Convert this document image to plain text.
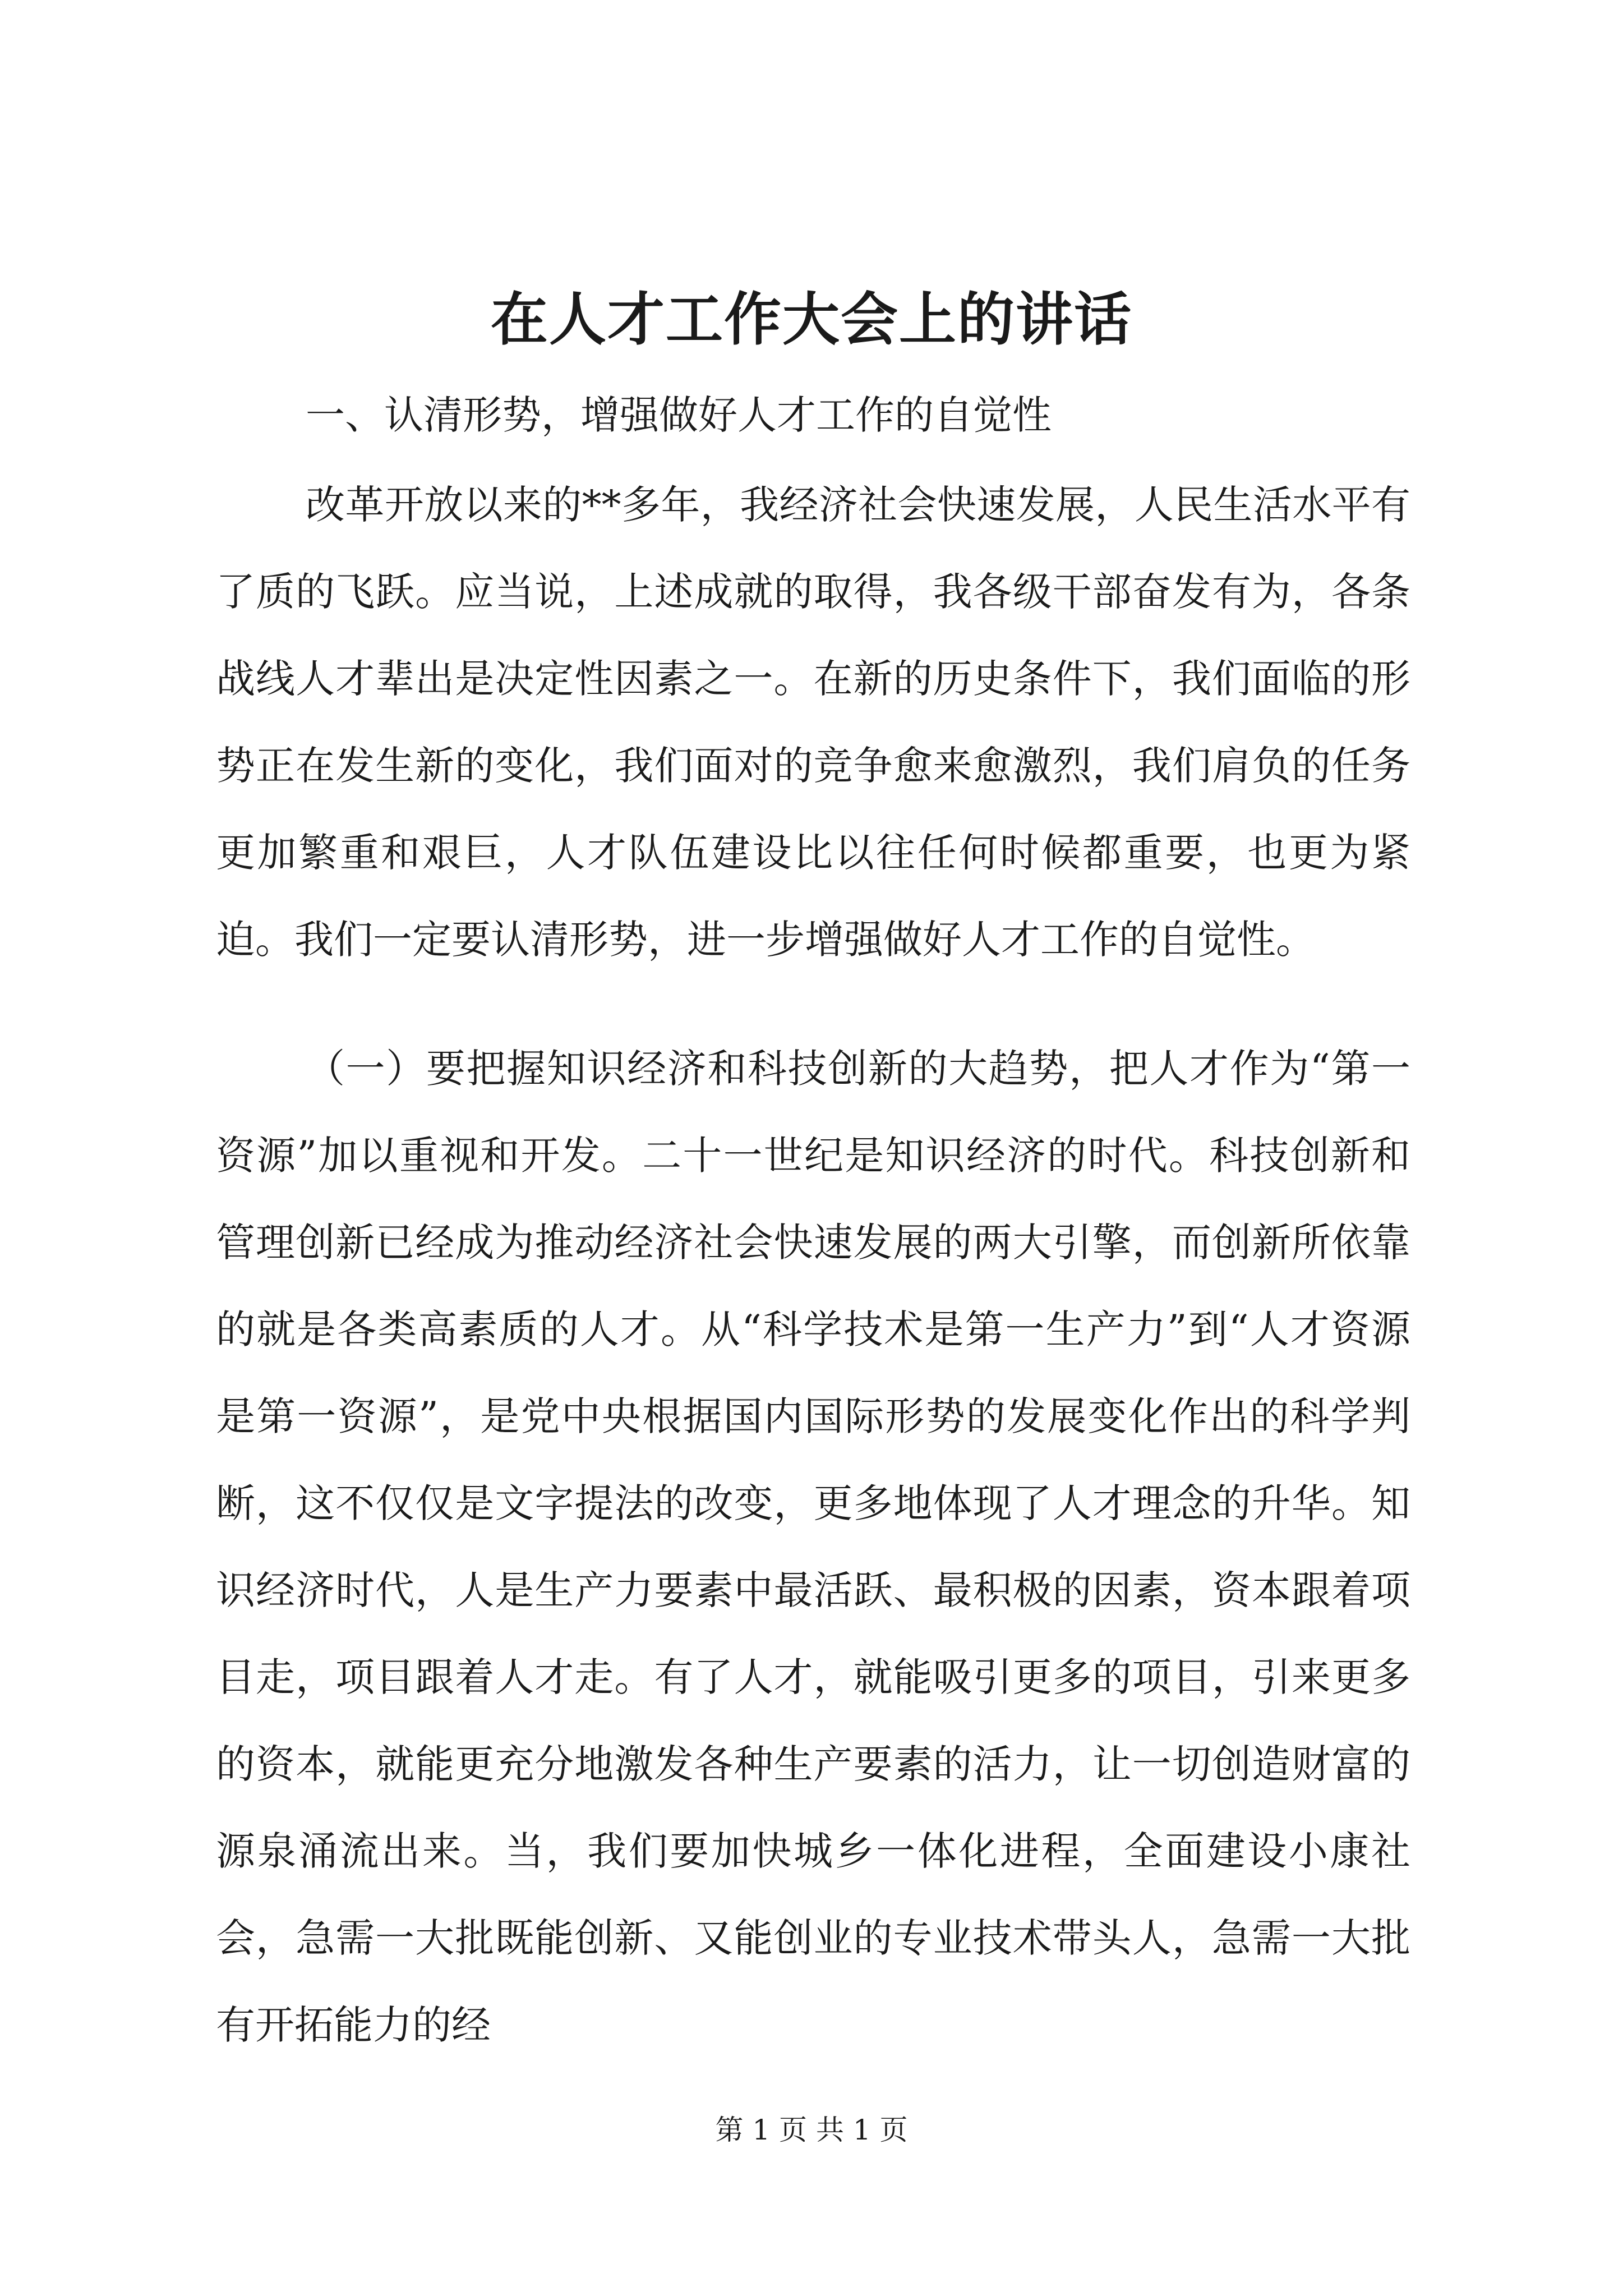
在人才工作大会上的讲话

一、认清形势，增强做好人才工作的自觉性

改革开放以来的**多年，我经济社会快速发展，人民生活水平有了质的飞跃。应当说，上述成就的取得，我各级干部奋发有为，各条战线人才辈出是决定性因素之一。在新的历史条件下，我们面临的形势正在发生新的变化，我们面对的竞争愈来愈激烈，我们肩负的任务更加繁重和艰巨，人才队伍建设比以往任何时候都重要，也更为紧迫。我们一定要认清形势，进一步增强做好人才工作的自觉性。

（一）要把握知识经济和科技创新的大趋势，把人才作为“第一资源”加以重视和开发。二十一世纪是知识经济的时代。科技创新和管理创新已经成为推动经济社会快速发展的两大引擎，而创新所依靠的就是各类高素质的人才。从“科学技术是第一生产力”到“人才资源是第一资源”，是党中央根据国内国际形势的发展变化作出的科学判断，这不仅仅是文字提法的改变，更多地体现了人才理念的升华。知识经济时代，人是生产力要素中最活跃、最积极的因素，资本跟着项目走，项目跟着人才走。有了人才，就能吸引更多的项目，引来更多的资本，就能更充分地激发各种生产要素的活力，让一切创造财富的源泉涌流出来。当，我们要加快城乡一体化进程，全面建设小康社会，急需一大批既能创新、又能创业的专业技术带头人，急需一大批有开拓能力的经

第 1 页 共 1 页
